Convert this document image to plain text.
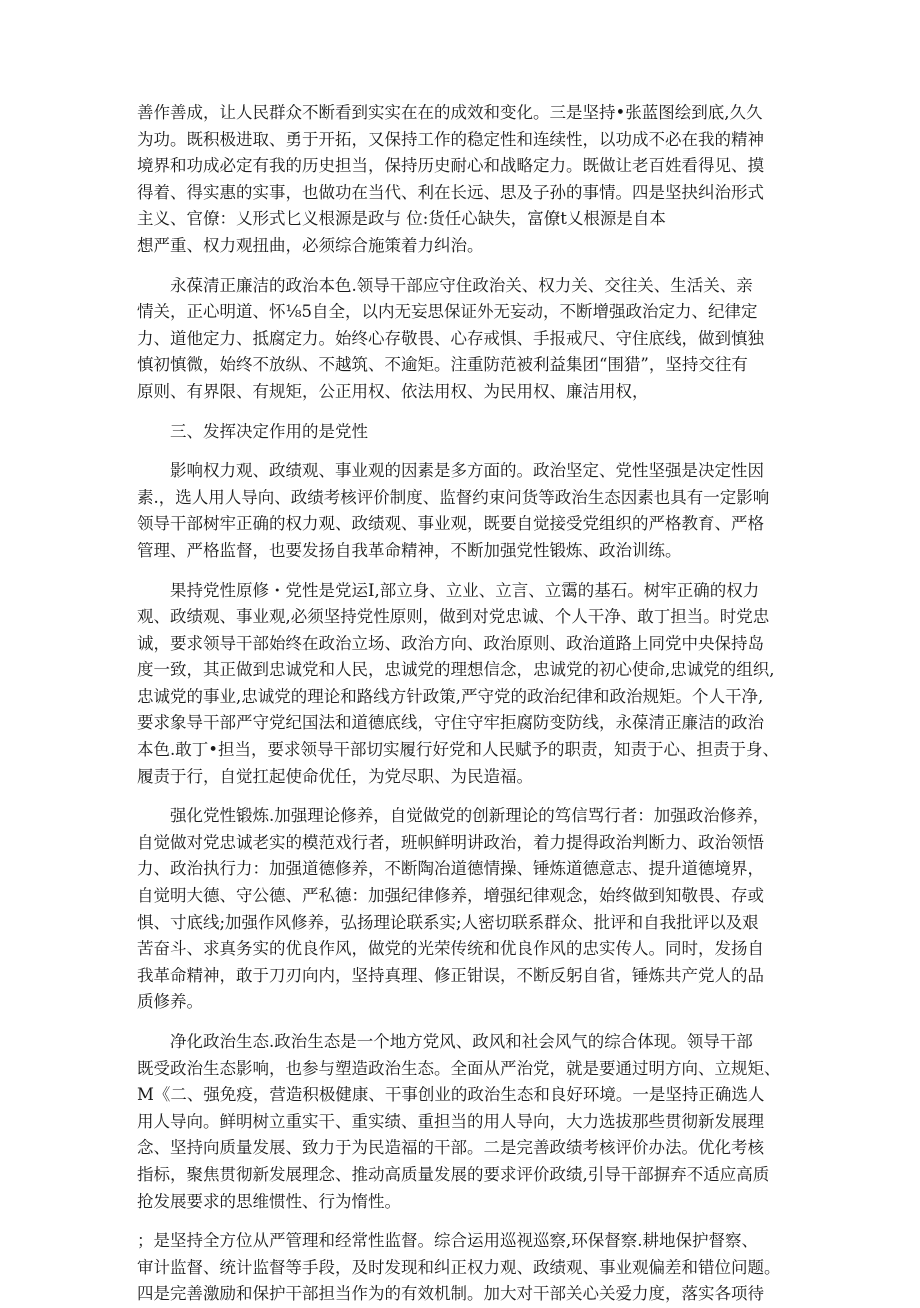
善作善成，让人民群众不断看到实实在在的成效和变化。三是坚持•张蓝图绘到底,久久
为功。既积极进取、勇于开拓，又保持工作的稳定性和连续性，以功成不必在我的精神
境界和功成必定有我的历史担当，保持历史耐心和战略定力。既做让老百姓看得见、摸
得着、得实惠的实事，也做功在当代、利在长远、思及子孙的事情。四是坚抉纠治形式
主义、官僚：乂形式匕义根源是政与 位:货任心缺失，富僚t乂根源是自本
想严重、权力观扭曲，必须综合施策着力纠治。
永葆清正廉洁的政治本色.领导干部应守住政治关、权力关、交往关、生活关、亲
情关，正心明道、怀⅛5自全，以内无妄思保证外无妄动，不断增强政治定力、纪律定
力、道他定力、抵腐定力。始终心存敬畏、心存戒惧、手报戒尺、守住底线，做到慎独
慎初慎微，始终不放纵、不越筑、不逾矩。注重防范被利益集团“围猎”，坚持交往有
原则、有界限、有规矩，公正用权、依法用权、为民用权、廉洁用权，
三、发挥决定作用的是党性
影响权力观、政绩观、事业观的因素是多方面的。政治坚定、党性坚强是决定性因
素.，选人用人导向、政绩考核评价制度、监督约束问货等政治生态因素也具有一定影响
领导干部树牢正确的权力观、政绩观、事业观，既要自觉接受党组织的严格教育、严格
管理、严格监督，也要发扬自我革命精神，不断加强党性锻炼、政治训练。
果持党性原修・党性是党运I,部立身、立业、立言、立霭的基石。树牢正确的权力
观、政绩观、事业观,必须坚持党性原则，做到对党忠诚、个人干净、敢丁担当。时党忠
诚，要求领导干部始终在政治立场、政治方向、政治原则、政治道路上同党中央保持岛
度一致，其正做到忠诚党和人民，忠诚党的理想信念，忠诚党的初心使命,忠诚党的组织,
忠诚党的事业,忠诚党的理论和路线方针政策,严守党的政治纪律和政治规矩。个人干净,
要求象导干部严守党纪国法和道德底线，守住守牢拒腐防变防线，永葆清正廉洁的政治
本色.敢丁•担当，要求领导干部切实履行好党和人民赋予的职责，知责于心、担责于身、
履责于行，自觉扛起使命优任，为党尽职、为民造福。
强化党性锻炼.加强理论修养，自觉做党的创新理论的笃信骂行者：加强政治修养，
自觉做对党忠诚老实的模范戏行者，班帜鲜明讲政治，着力提得政治判断力、政治领悟
力、政治执行力：加强道德修养，不断陶冶道德情操、锤炼道德意志、提升道德境界，
自觉明大德、守公德、严私德：加强纪律修养，增强纪律观念，始终做到知敬畏、存或
惧、寸底线;加强作风修养，弘扬理论联系实;人密切联系群众、批评和自我批评以及艰
苦奋斗、求真务实的优良作风，做党的光荣传统和优良作风的忠实传人。同时，发扬自
我革命精神，敢于刀刃向内，坚持真理、修正钳误，不断反躬自省，锤炼共产党人的品
质修养。
净化政治生态.政治生态是一个地方党风、政风和社会风气的综合体现。领导干部
既受政治生态影响，也参与塑造政治生态。全面从严治党，就是要通过明方向、立规矩、
M《二、强免疫，营造积极健康、干事创业的政治生态和良好环境。一是坚持正确选人
用人导向。鲜明树立重实干、重实绩、重担当的用人导向，大力选拔那些贯彻新发展理
念、坚持向质量发展、致力于为民造福的干部。二是完善政绩考核评价办法。优化考核
指标，聚焦贯彻新发展理念、推动高质量发展的要求评价政绩,引导干部摒弃不适应高质
抢发展要求的思维惯性、行为惰性。
；是坚持全方位从严管理和经常性监督。综合运用巡视巡察,环保督察.耕地保护督察、
审计监督、统计监督等手段，及时发现和纠正权力观、政绩观、事业观偏差和错位问题。
四是完善激励和保护干部担当作为的有效机制。加大对干部关心关爱力度，落实各项待
